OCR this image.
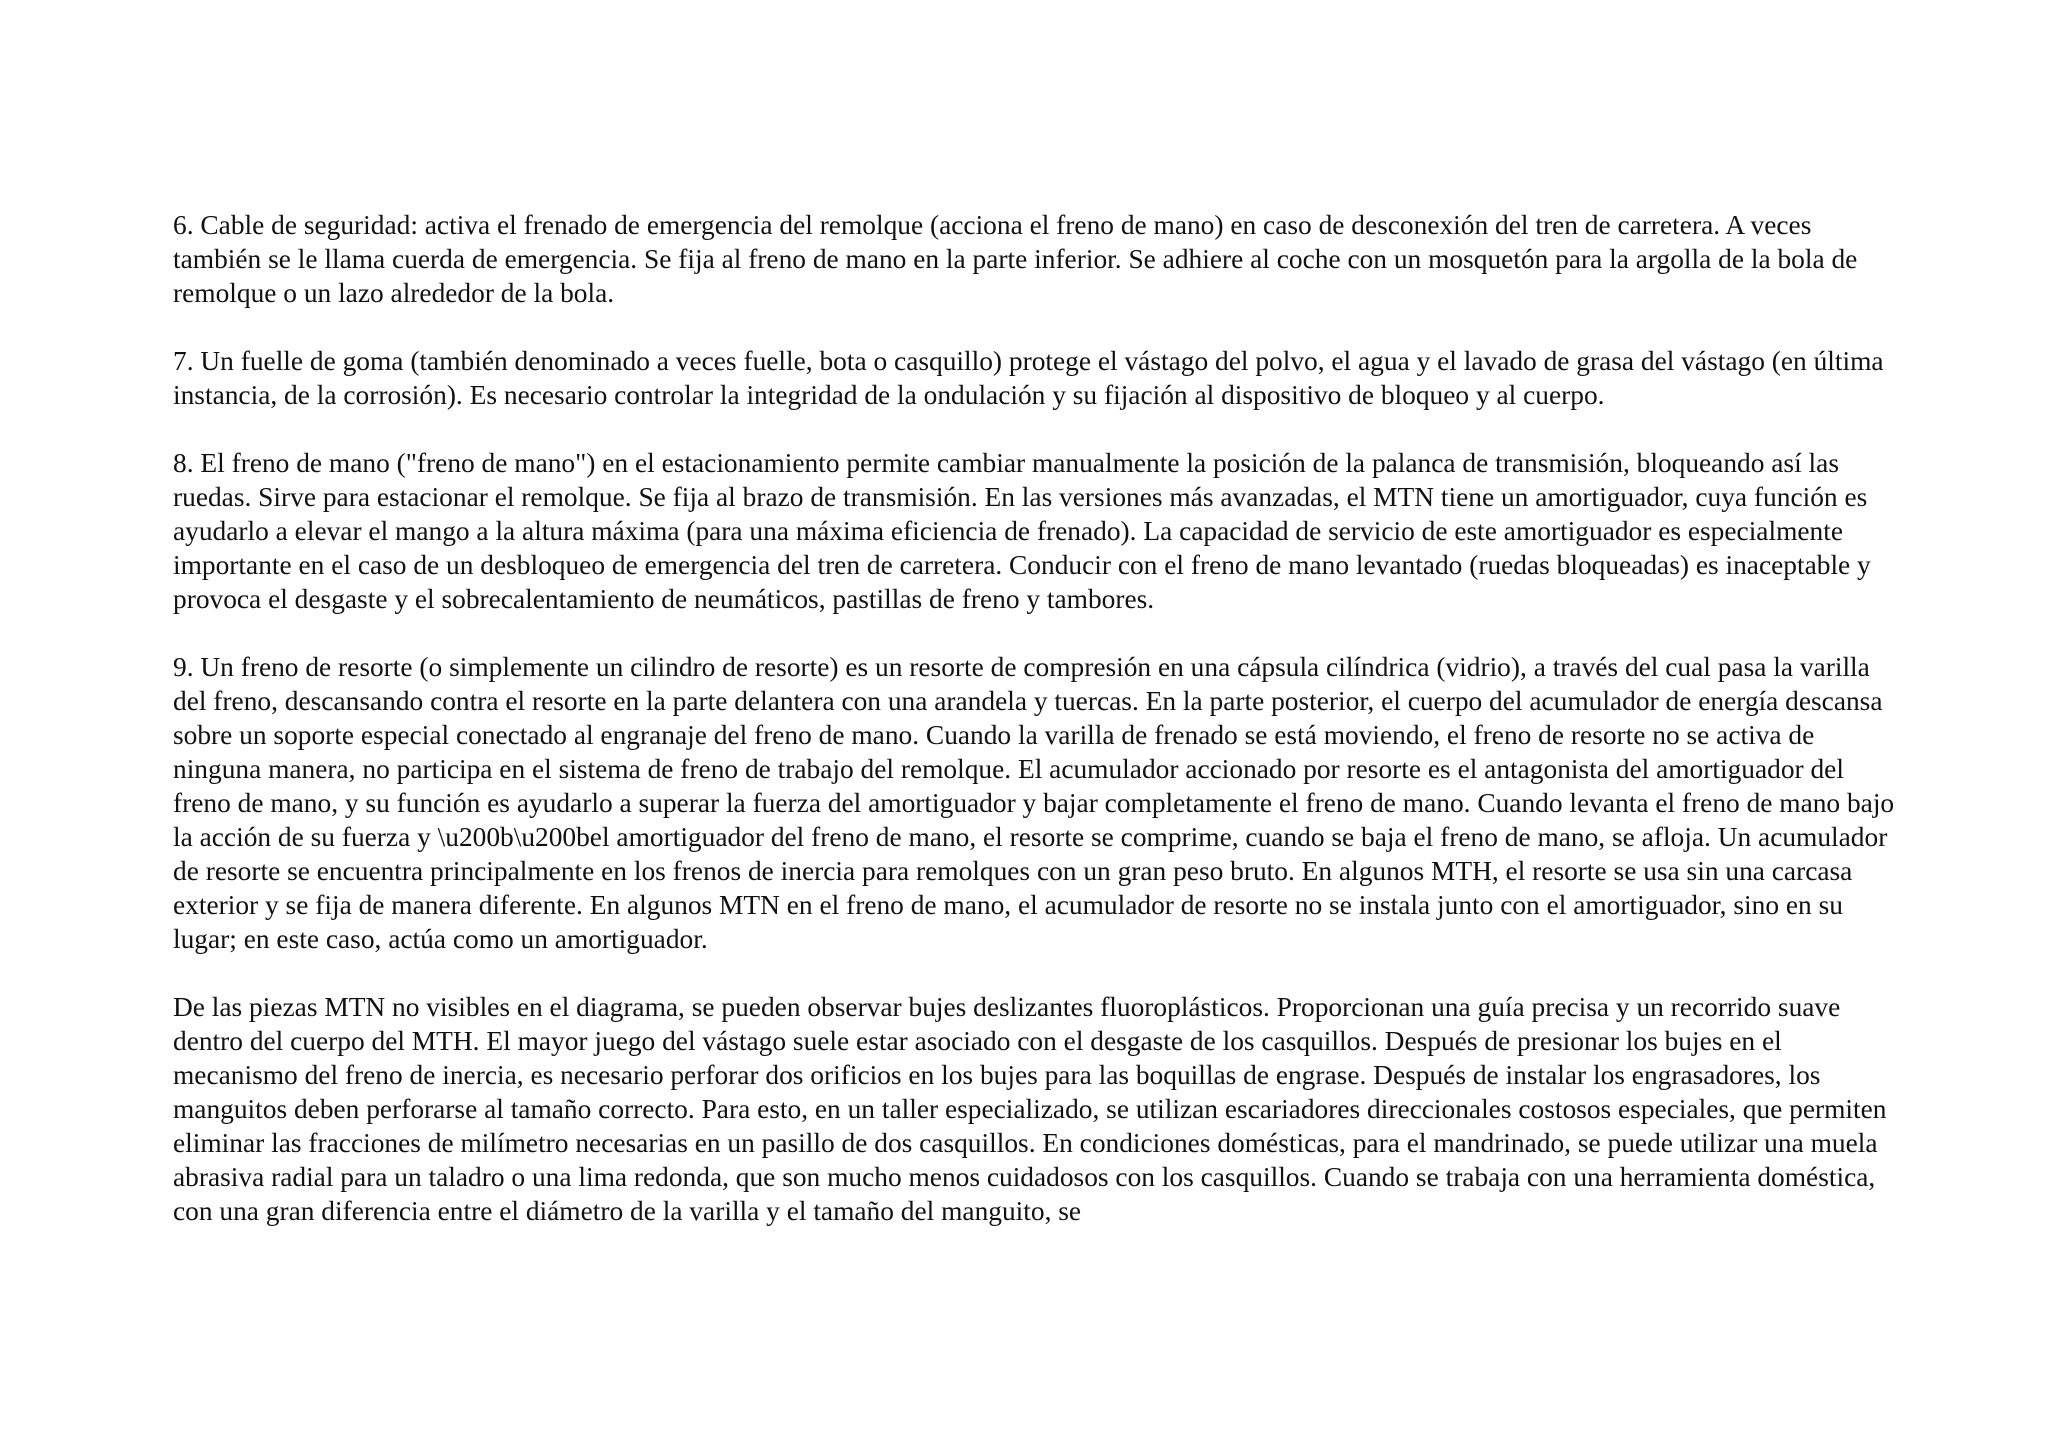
6. Cable de seguridad: activa el frenado de emergencia del remolque (acciona el freno de mano) en caso de desconexión del tren de carretera. A veces también se le llama cuerda de emergencia. Se fija al freno de mano en la parte inferior. Se adhiere al coche con un mosquetón para la argolla de la bola de remolque o un lazo alrededor de la bola.

7. Un fuelle de goma (también denominado a veces fuelle, bota o casquillo) protege el vástago del polvo, el agua y el lavado de grasa del vástago (en última instancia, de la corrosión). Es necesario controlar la integridad de la ondulación y su fijación al dispositivo de bloqueo y al cuerpo.

8. El freno de mano ("freno de mano") en el estacionamiento permite cambiar manualmente la posición de la palanca de transmisión, bloqueando así las ruedas. Sirve para estacionar el remolque. Se fija al brazo de transmisión. En las versiones más avanzadas, el MTN tiene un amortiguador, cuya función es ayudarlo a elevar el mango a la altura máxima (para una máxima eficiencia de frenado). La capacidad de servicio de este amortiguador es especialmente importante en el caso de un desbloqueo de emergencia del tren de carretera. Conducir con el freno de mano levantado (ruedas bloqueadas) es inaceptable y provoca el desgaste y el sobrecalentamiento de neumáticos, pastillas de freno y tambores.

9. Un freno de resorte (o simplemente un cilindro de resorte) es un resorte de compresión en una cápsula cilíndrica (vidrio), a través del cual pasa la varilla del freno, descansando contra el resorte en la parte delantera con una arandela y tuercas. En la parte posterior, el cuerpo del acumulador de energía descansa sobre un soporte especial conectado al engranaje del freno de mano. Cuando la varilla de frenado se está moviendo, el freno de resorte no se activa de ninguna manera, no participa en el sistema de freno de trabajo del remolque. El acumulador accionado por resorte es el antagonista del amortiguador del freno de mano, y su función es ayudarlo a superar la fuerza del amortiguador y bajar completamente el freno de mano. Cuando levanta el freno de mano bajo la acción de su fuerza y \u200b\u200bel amortiguador del freno de mano, el resorte se comprime, cuando se baja el freno de mano, se afloja. Un acumulador de resorte se encuentra principalmente en los frenos de inercia para remolques con un gran peso bruto. En algunos MTH, el resorte se usa sin una carcasa exterior y se fija de manera diferente. En algunos MTN en el freno de mano, el acumulador de resorte no se instala junto con el amortiguador, sino en su lugar; en este caso, actúa como un amortiguador.

De las piezas MTN no visibles en el diagrama, se pueden observar bujes deslizantes fluoroplásticos. Proporcionan una guía precisa y un recorrido suave dentro del cuerpo del MTH. El mayor juego del vástago suele estar asociado con el desgaste de los casquillos. Después de presionar los bujes en el mecanismo del freno de inercia, es necesario perforar dos orificios en los bujes para las boquillas de engrase. Después de instalar los engrasadores, los manguitos deben perforarse al tamaño correcto. Para esto, en un taller especializado, se utilizan escariadores direccionales costosos especiales, que permiten eliminar las fracciones de milímetro necesarias en un pasillo de dos casquillos. En condiciones domésticas, para el mandrinado, se puede utilizar una muela abrasiva radial para un taladro o una lima redonda, que son mucho menos cuidadosos con los casquillos. Cuando se trabaja con una herramienta doméstica, con una gran diferencia entre el diámetro de la varilla y el tamaño del manguito, se
